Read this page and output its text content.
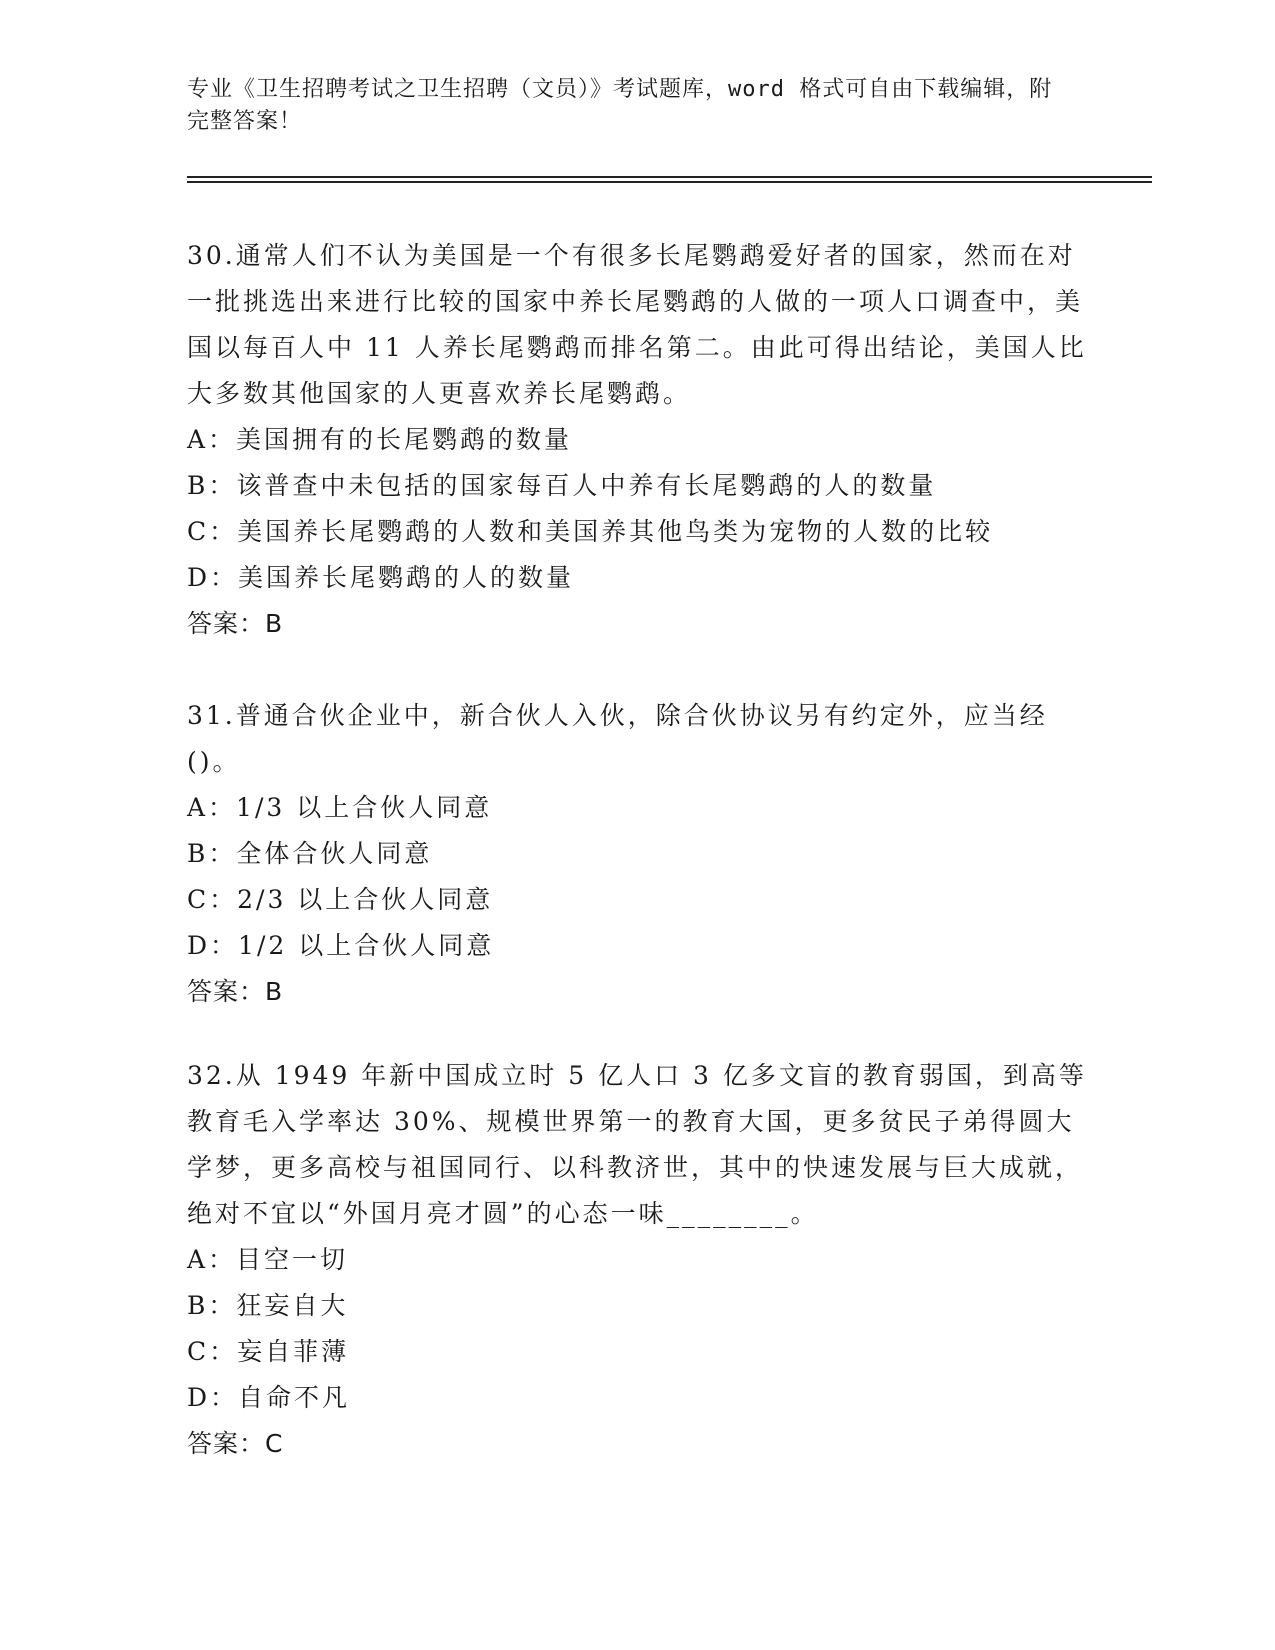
专业《卫生招聘考试之卫生招聘（文员）》考试题库，word 格式可自由下载编辑，附完整答案！

30.通常人们不认为美国是一个有很多长尾鹦鹉爱好者的国家，然而在对一批挑选出来进行比较的国家中养长尾鹦鹉的人做的一项人口调查中，美国以每百人中 11 人养长尾鹦鹉而排名第二。由此可得出结论，美国人比大多数其他国家的人更喜欢养长尾鹦鹉。

A：美国拥有的长尾鹦鹉的数量

B：该普查中未包括的国家每百人中养有长尾鹦鹉的人的数量

C：美国养长尾鹦鹉的人数和美国养其他鸟类为宠物的人数的比较

D：美国养长尾鹦鹉的人的数量

答案：B

31.普通合伙企业中，新合伙人入伙，除合伙协议另有约定外，应当经()。

A：1/3 以上合伙人同意

B：全体合伙人同意

C：2/3 以上合伙人同意

D：1/2 以上合伙人同意

答案：B

32.从 1949 年新中国成立时 5 亿人口 3 亿多文盲的教育弱国，到高等教育毛入学率达 30%、规模世界第一的教育大国，更多贫民子弟得圆大学梦，更多高校与祖国同行、以科教济世，其中的快速发展与巨大成就，绝对不宜以“外国月亮才圆”的心态一味________。

A：目空一切

B：狂妄自大

C：妄自菲薄

D：自命不凡

答案：C
